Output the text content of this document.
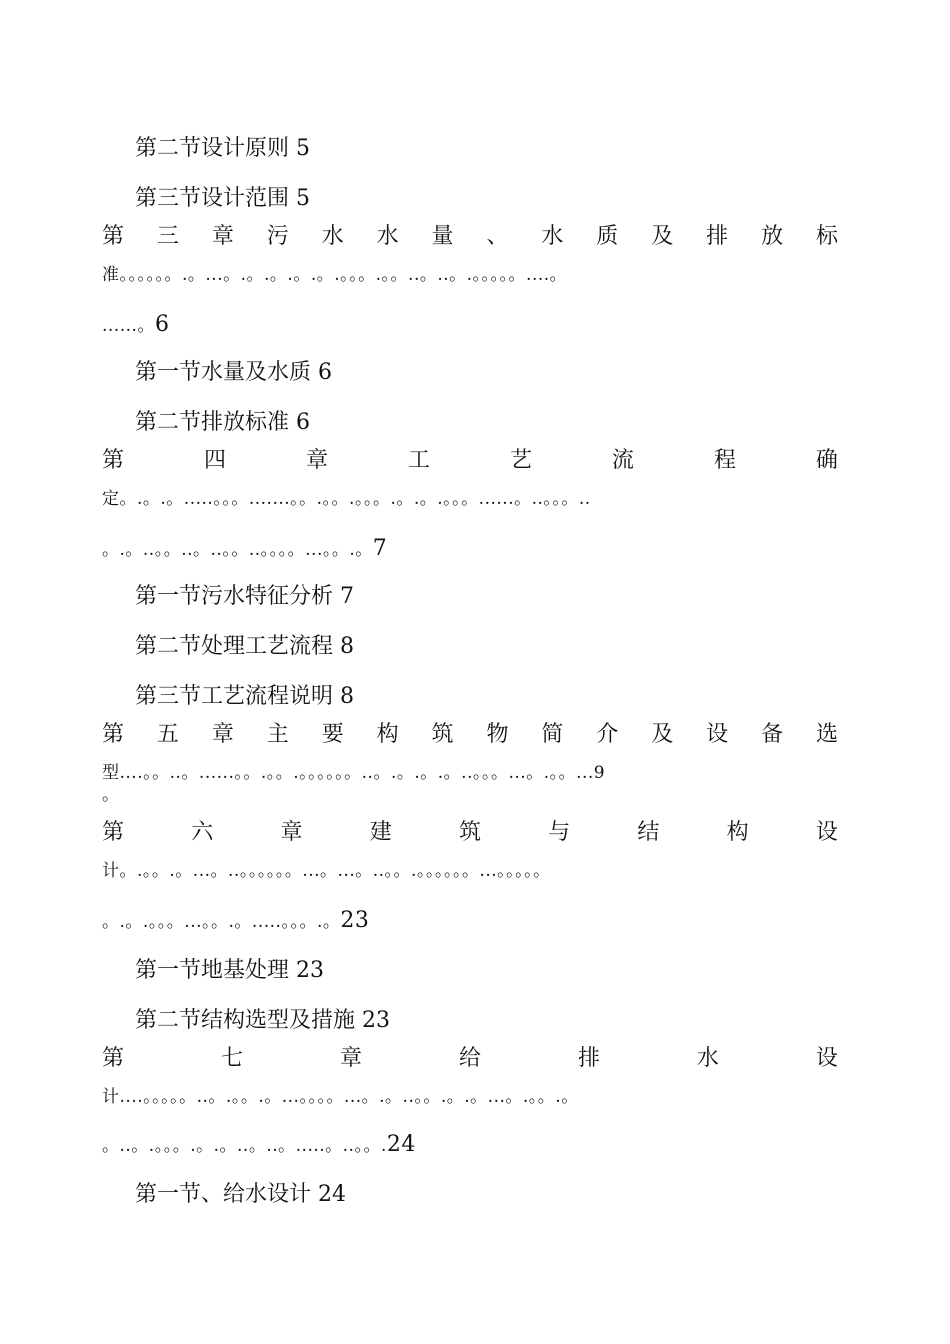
第二节设计原则 5
第三节设计范围 5
第 三 章 污 水 水 量 、 水 质 及 排 放 标
准。。。。。。.。...。.。.。.。.。.。。。.。。..。..。.。。。。。....。
......。6
第一节水量及水质 6
第二节排放标准 6
第	四	章	工	艺	流	程	确
定。.。.。.....。。。.......。。.。。.。。。.。.。.。。。......。..。。。..
。.。..。。..。..。。..。。。。...。。.。7
第一节污水特征分析 7
第二节处理工艺流程 8
第三节工艺流程说明 8
第 五 章 主 要 构 筑 物 简 介 及 设 备 选
型....。。..。......。。.。。.。。。。。。..。.。.。.。..。。。...。.。。...9
。
第	六	章	建	筑	与	结	构	设
计。.。。.。...。..。。。。。。...。...。..。。.。。。。。。...。。。。。
。.。.。。。...。。.。.....。。。.。23
第一节地基处理 23
第二节结构选型及措施 23
第	七	章	给	排	水	设
计....。。。。。..。.。。.。...。。。。...。.。..。。.。.。...。.。。.。
。..。.。。。.。.。..。..。.....。..。。.24
第一节、给水设计 24
